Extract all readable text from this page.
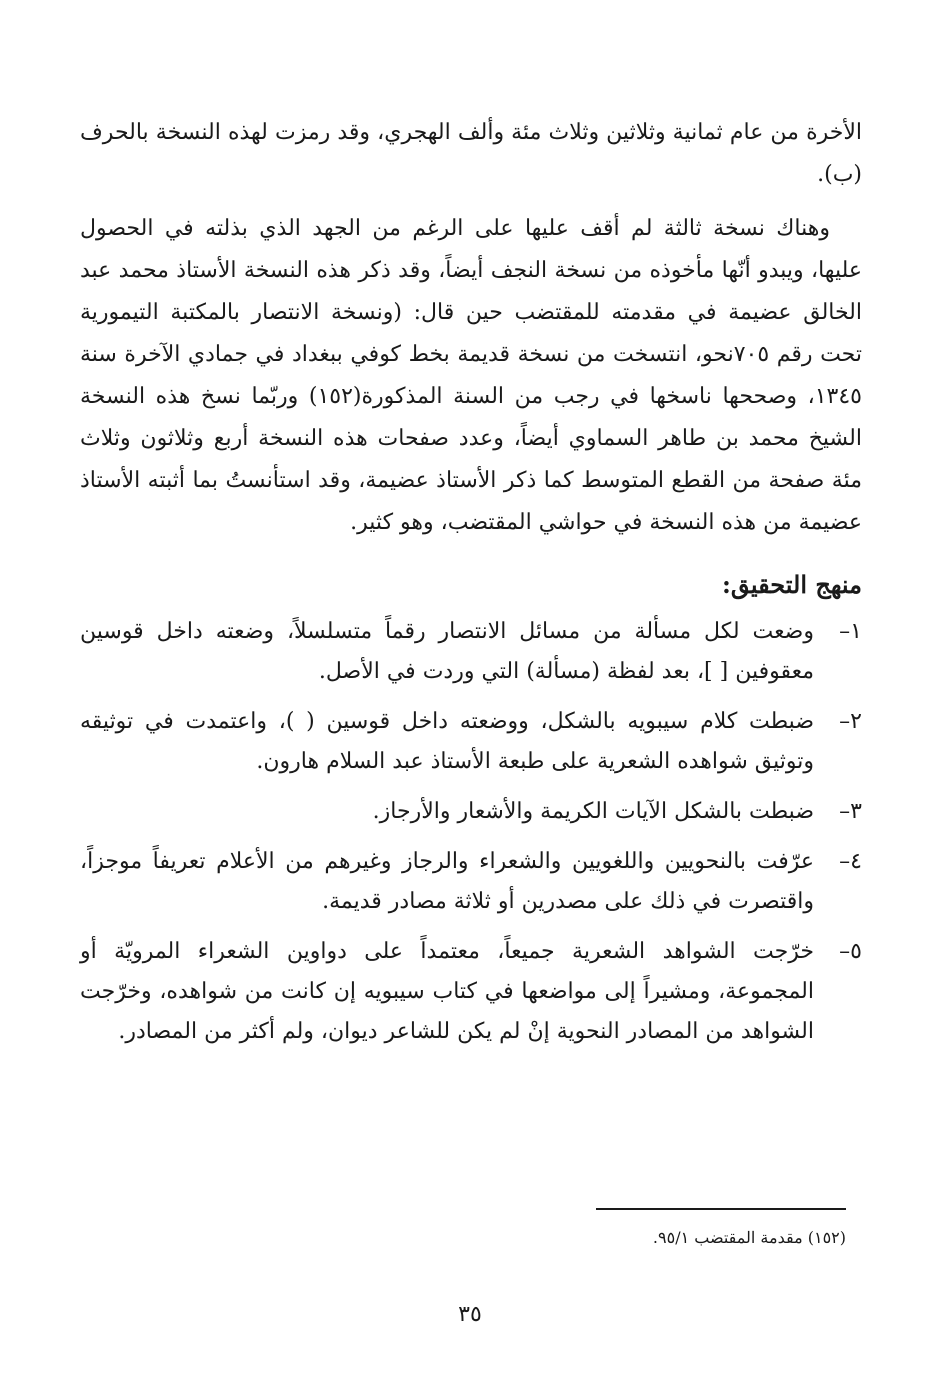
الأخرة من عام ثمانية وثلاثين وثلاث مئة وألف الهجري، وقد رمزت لهذه النسخة بالحرف (ب).

وهناك نسخة ثالثة لم أقف عليها على الرغم من الجهد الذي بذلته في الحصول عليها، ويبدو أنّها مأخوذه من نسخة النجف أيضاً، وقد ذكر هذه النسخة الأستاذ محمد عبد الخالق عضيمة في مقدمته للمقتضب حين قال: (ونسخة الانتصار بالمكتبة التيمورية تحت رقم ٧٠٥نحو، انتسخت من نسخة قديمة بخط كوفي ببغداد في جمادي الآخرة سنة ١٣٤٥، وصححها ناسخها في رجب من السنة المذكورة(١٥٢) وربّما نسخ هذه النسخة الشيخ محمد بن طاهر السماوي أيضاً، وعدد صفحات هذه النسخة أربع وثلاثون وثلاث مئة صفحة من القطع المتوسط كما ذكر الأستاذ عضيمة، وقد استأنستُ بما أثبته الأستاذ عضيمة من هذه النسخة في حواشي المقتضب، وهو كثير.

منهج التحقيق:
١–
وضعت لكل مسألة من مسائل الانتصار رقماً متسلسلاً، وضعته داخل قوسين معقوفين [ ]، بعد لفظة (مسألة) التي وردت في الأصل.
٢–
ضبطت كلام سيبويه بالشكل، ووضعته داخل قوسين ( )، واعتمدت في توثيقه وتوثيق شواهده الشعرية على طبعة الأستاذ عبد السلام هارون.
٣–
ضبطت بالشكل الآيات الكريمة والأشعار والأرجاز.
٤–
عرّفت بالنحويين واللغويين والشعراء والرجاز وغيرهم من الأعلام تعريفاً موجزاً، واقتصرت في ذلك على مصدرين أو ثلاثة مصادر قديمة.
٥–
خرّجت الشواهد الشعرية جميعاً، معتمداً على دواوين الشعراء المرويّة أو المجموعة، ومشيراً إلى مواضعها في كتاب سيبويه إن كانت من شواهده، وخرّجت الشواهد من المصادر النحوية إنْ لم يكن للشاعر ديوان، ولم أكثر من المصادر.
(١٥٢) مقدمة المقتضب ٩٥/١.
٣٥
